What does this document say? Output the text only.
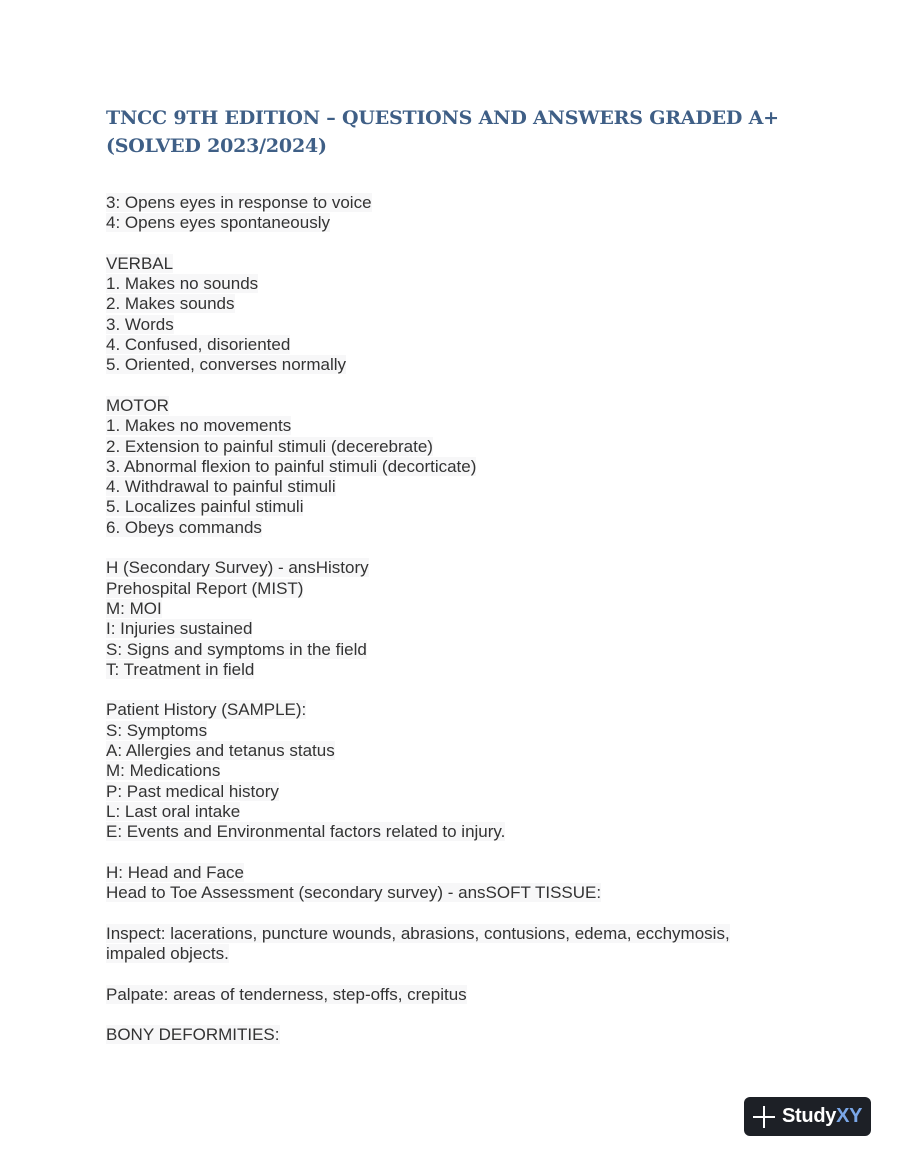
TNCC 9TH EDITION – QUESTIONS AND ANSWERS GRADED A+ (SOLVED 2023/2024)
3: Opens eyes in response to voice
4: Opens eyes spontaneously
VERBAL
1. Makes no sounds
2. Makes sounds
3. Words
4. Confused, disoriented
5. Oriented, converses normally
MOTOR
1. Makes no movements
2. Extension to painful stimuli (decerebrate)
3. Abnormal flexion to painful stimuli (decorticate)
4. Withdrawal to painful stimuli
5. Localizes painful stimuli
6. Obeys commands
H (Secondary Survey) - ansHistory
Prehospital Report (MIST)
M: MOI
I: Injuries sustained
S: Signs and symptoms in the field
T: Treatment in field
Patient History (SAMPLE):
S: Symptoms
A: Allergies and tetanus status
M: Medications
P: Past medical history
L: Last oral intake
E: Events and Environmental factors related to injury.
H: Head and Face
Head to Toe Assessment (secondary survey) - ansSOFT TISSUE:
Inspect: lacerations, puncture wounds, abrasions, contusions, edema, ecchymosis,
impaled objects.
Palpate: areas of tenderness, step-offs, crepitus
BONY DEFORMITIES:
StudyXY
